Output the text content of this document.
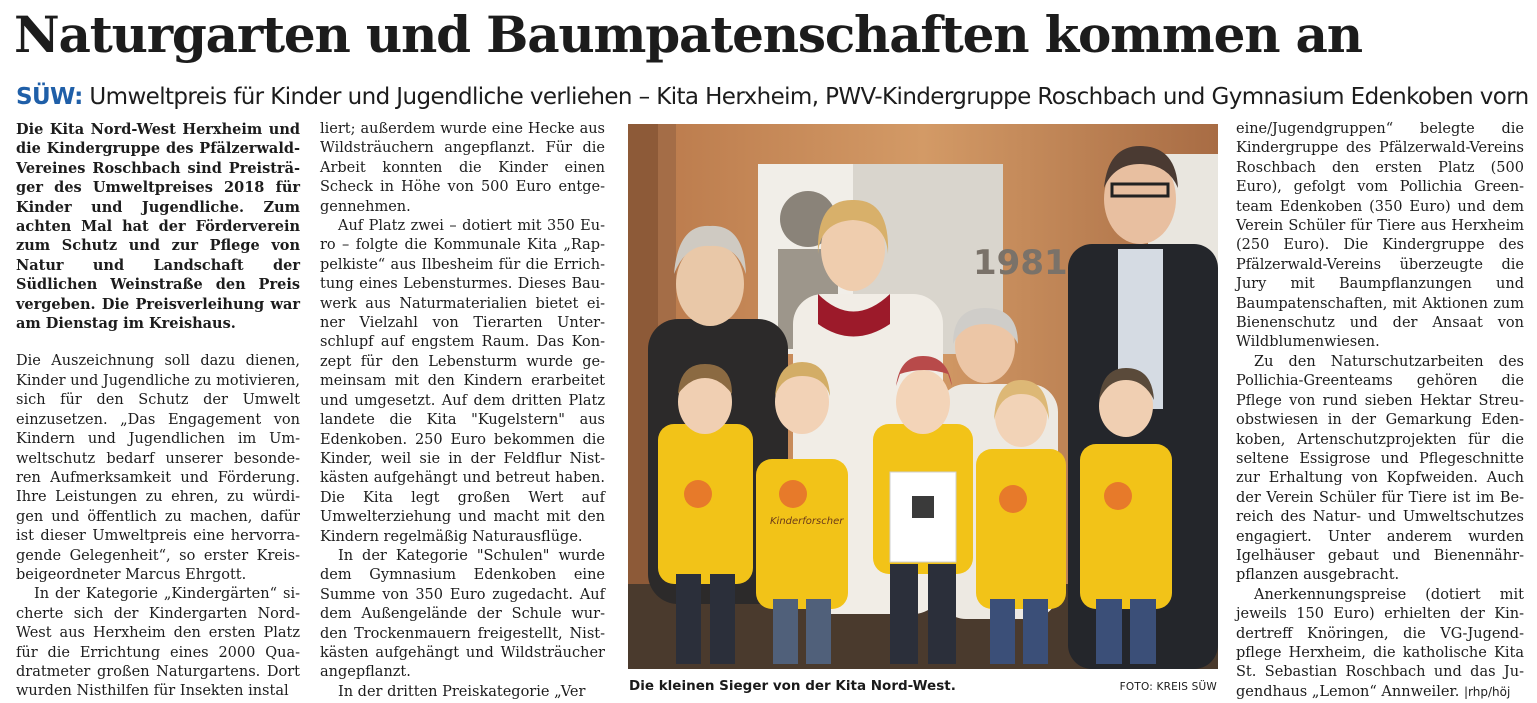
Naturgarten und Baumpatenschaften kommen an
SÜW: Umweltpreis für Kinder und Jugendliche verliehen – Kita Herxheim, PWV-Kindergruppe Roschbach und Gymnasium Edenkoben vorn

Die Kita Nord-West Herxheim und die Kindergruppe des Pfälzerwald-Vereines Roschbach sind Preisträger des Umweltpreises 2018 für Kinder und Jugendliche. Zum achten Mal hat der Förderverein zum Schutz und zur Pflege von Natur und Landschaft der Südlichen Weinstraße den Preis vergeben. Die Preisverleihung war am Dienstag im Kreishaus.

Die Auszeichnung soll dazu dienen, Kinder und Jugendliche zu motivieren, sich für den Schutz der Umwelt einzusetzen. „Das Engagement von Kindern und Jugendlichen im Umweltschutz bedarf unserer besonderen Aufmerksamkeit und Förderung. Ihre Leistungen zu ehren, zu würdigen und öffentlich zu machen, dafür ist dieser Umweltpreis eine hervorragende Gelegenheit“, so erster Kreisbeigeordneter Marcus Ehrgott.

In der Kategorie „Kindergärten“ sicherte sich der Kindergarten Nord-West aus Herxheim den ersten Platz für die Errichtung eines 2000 Quadratmeter großen Naturgartens. Dort wurden Nisthilfen für Insekten instal

liert; außerdem wurde eine Hecke aus Wildsträuchern angepflanzt. Für die Arbeit konnten die Kinder einen Scheck in Höhe von 500 Euro entgegennehmen.

Auf Platz zwei – dotiert mit 350 Euro – folgte die Kommunale Kita „Rappelkiste“ aus Ilbesheim für die Errichtung eines Lebensturmes. Dieses Bauwerk aus Naturmaterialien bietet einer Vielzahl von Tierarten Unterschlupf auf engstem Raum. Das Konzept für den Lebensturm wurde gemeinsam mit den Kindern erarbeitet und umgesetzt. Auf dem dritten Platz landete die Kita "Kugelstern" aus Edenkoben. 250 Euro bekommen die Kinder, weil sie in der Feldflur Nistkästen aufgehängt und betreut haben. Die Kita legt großen Wert auf Umwelterziehung und macht mit den Kindern regelmäßig Naturausflüge.

In der Kategorie "Schulen" wurde dem Gymnasium Edenkoben eine Summe von 350 Euro zugedacht. Auf dem Außengelände der Schule wurden Trockenmauern freigestellt, Nistkästen aufgehängt und Wildsträucher angepflanzt.

In der dritten Preiskategorie „Ver

1981
Kinderforscher
Die kleinen Sieger von der Kita Nord-West.	FOTO: KREIS SÜW

eine/Jugendgruppen“ belegte die Kindergruppe des Pfälzerwald-Vereins Roschbach den ersten Platz (500 Euro), gefolgt vom Pollichia Greenteam Edenkoben (350 Euro) und dem Verein Schüler für Tiere aus Herxheim (250 Euro). Die Kindergruppe des Pfälzerwald-Vereins überzeugte die Jury mit Baumpflanzungen und Baumpatenschaften, mit Aktionen zum Bienenschutz und der Ansaat von Wildblumenwiesen.

Zu den Naturschutzarbeiten des Pollichia-Greenteams gehören die Pflege von rund sieben Hektar Streuobstwiesen in der Gemarkung Edenkoben, Artenschutzprojekten für die seltene Essigrose und Pflegeschnitte zur Erhaltung von Kopfweiden. Auch der Verein Schüler für Tiere ist im Bereich des Natur- und Umweltschutzes engagiert. Unter anderem wurden Igelhäuser gebaut und Bienennährpflanzen ausgebracht.

Anerkennungspreise (dotiert mit jeweils 150 Euro) erhielten der Kindertreff Knöringen, die VG-Jugendpflege Herxheim, die katholische Kita St. Sebastian Roschbach und das Jugendhaus „Lemon“ Annweiler. |rhp/höj
